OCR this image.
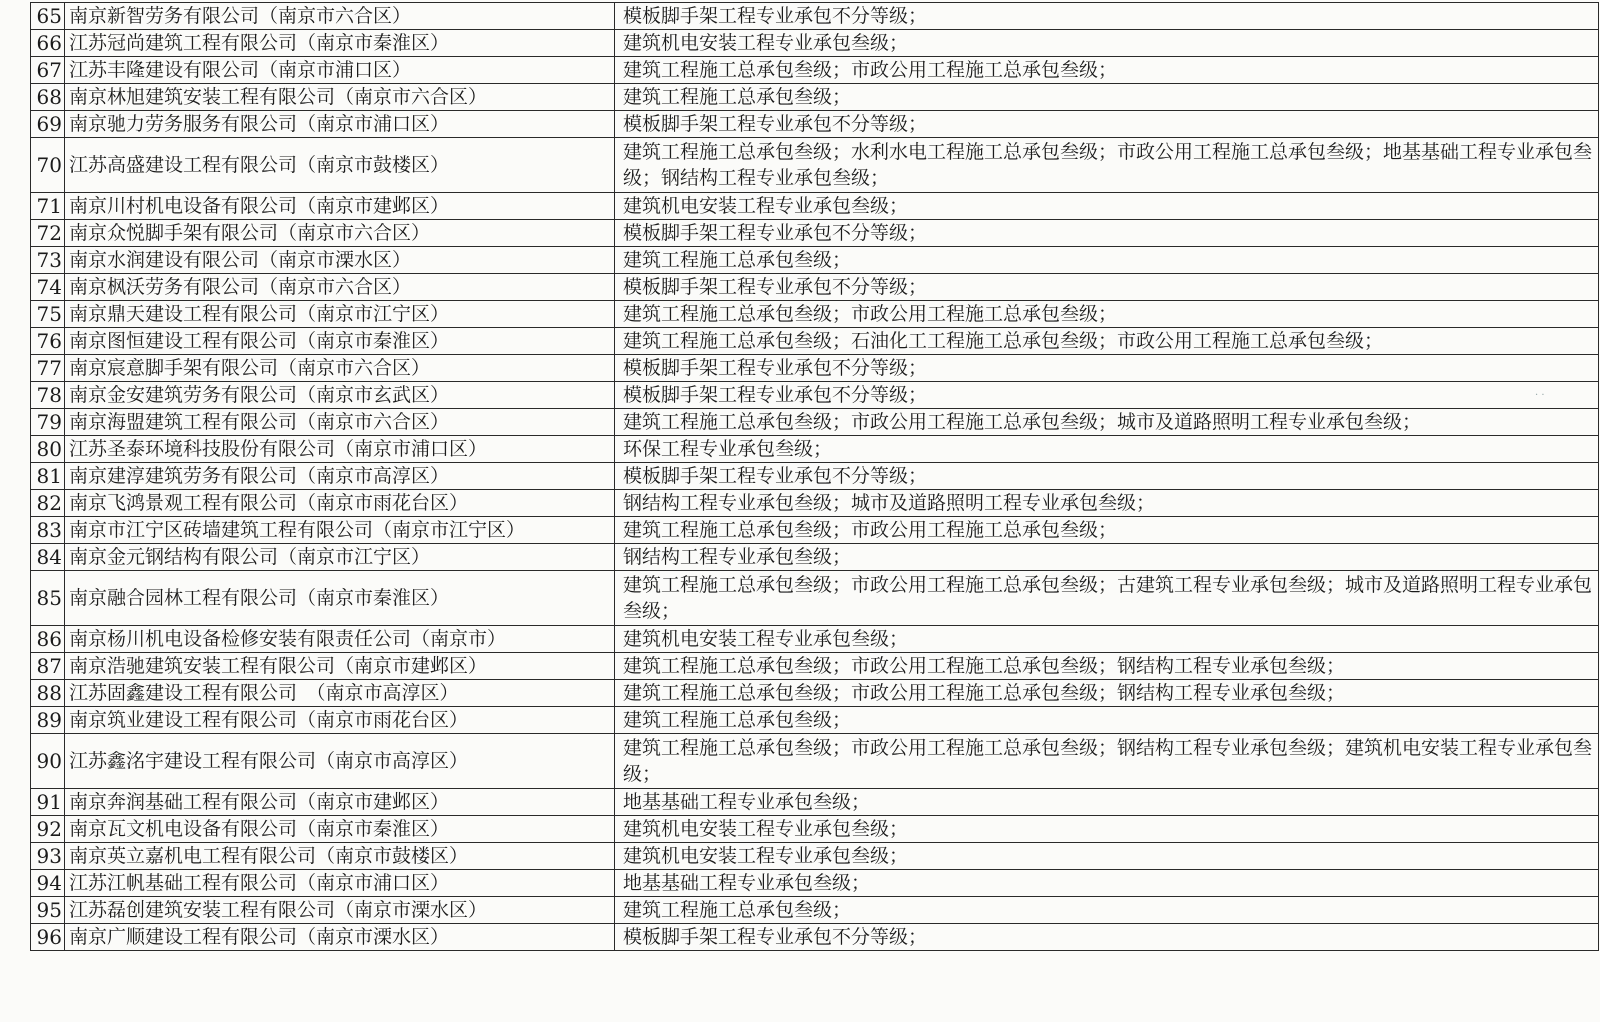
65	南京新智劳务有限公司（南京市六合区）	模板脚手架工程专业承包不分等级；
66	江苏冠尚建筑工程有限公司（南京市秦淮区）	建筑机电安装工程专业承包叁级；
67	江苏丰隆建设有限公司（南京市浦口区）	建筑工程施工总承包叁级；市政公用工程施工总承包叁级；
68	南京林旭建筑安装工程有限公司（南京市六合区）	建筑工程施工总承包叁级；
69	南京驰力劳务服务有限公司（南京市浦口区）	模板脚手架工程专业承包不分等级；
70	江苏高盛建设工程有限公司（南京市鼓楼区）	建筑工程施工总承包叁级；水利水电工程施工总承包叁级；市政公用工程施工总承包叁级；地基基础工程专业承包叁级；钢结构工程专业承包叁级；
71	南京川村机电设备有限公司（南京市建邺区）	建筑机电安装工程专业承包叁级；
72	南京众悦脚手架有限公司（南京市六合区）	模板脚手架工程专业承包不分等级；
73	南京水润建设有限公司（南京市溧水区）	建筑工程施工总承包叁级；
74	南京枫沃劳务有限公司（南京市六合区）	模板脚手架工程专业承包不分等级；
75	南京鼎天建设工程有限公司（南京市江宁区）	建筑工程施工总承包叁级；市政公用工程施工总承包叁级；
76	南京图恒建设工程有限公司（南京市秦淮区）	建筑工程施工总承包叁级；石油化工工程施工总承包叁级；市政公用工程施工总承包叁级；
77	南京宸意脚手架有限公司（南京市六合区）	模板脚手架工程专业承包不分等级；
78	南京金安建筑劳务有限公司（南京市玄武区）	模板脚手架工程专业承包不分等级；
79	南京海盟建筑工程有限公司（南京市六合区）	建筑工程施工总承包叁级；市政公用工程施工总承包叁级；城市及道路照明工程专业承包叁级；
80	江苏圣泰环境科技股份有限公司（南京市浦口区）	环保工程专业承包叁级；
81	南京建淳建筑劳务有限公司（南京市高淳区）	模板脚手架工程专业承包不分等级；
82	南京飞鸿景观工程有限公司（南京市雨花台区）	钢结构工程专业承包叁级；城市及道路照明工程专业承包叁级；
83	南京市江宁区砖墙建筑工程有限公司（南京市江宁区）	建筑工程施工总承包叁级；市政公用工程施工总承包叁级；
84	南京金元钢结构有限公司（南京市江宁区）	钢结构工程专业承包叁级；
85	南京融合园林工程有限公司（南京市秦淮区）	建筑工程施工总承包叁级；市政公用工程施工总承包叁级；古建筑工程专业承包叁级；城市及道路照明工程专业承包叁级；
86	南京杨川机电设备检修安装有限责任公司（南京市）	建筑机电安装工程专业承包叁级；
87	南京浩驰建筑安装工程有限公司（南京市建邺区）	建筑工程施工总承包叁级；市政公用工程施工总承包叁级；钢结构工程专业承包叁级；
88	江苏固鑫建设工程有限公司　（南京市高淳区）	建筑工程施工总承包叁级；市政公用工程施工总承包叁级；钢结构工程专业承包叁级；
89	南京筑业建设工程有限公司（南京市雨花台区）	建筑工程施工总承包叁级；
90	江苏鑫洺宇建设工程有限公司（南京市高淳区）	建筑工程施工总承包叁级；市政公用工程施工总承包叁级；钢结构工程专业承包叁级；建筑机电安装工程专业承包叁级；
91	南京奔润基础工程有限公司（南京市建邺区）	地基基础工程专业承包叁级；
92	南京瓦文机电设备有限公司（南京市秦淮区）	建筑机电安装工程专业承包叁级；
93	南京英立嘉机电工程有限公司（南京市鼓楼区）	建筑机电安装工程专业承包叁级；
94	江苏江帆基础工程有限公司（南京市浦口区）	地基基础工程专业承包叁级；
95	江苏磊创建筑安装工程有限公司（南京市溧水区）	建筑工程施工总承包叁级；
96	南京广顺建设工程有限公司（南京市溧水区）	模板脚手架工程专业承包不分等级；
· ·
